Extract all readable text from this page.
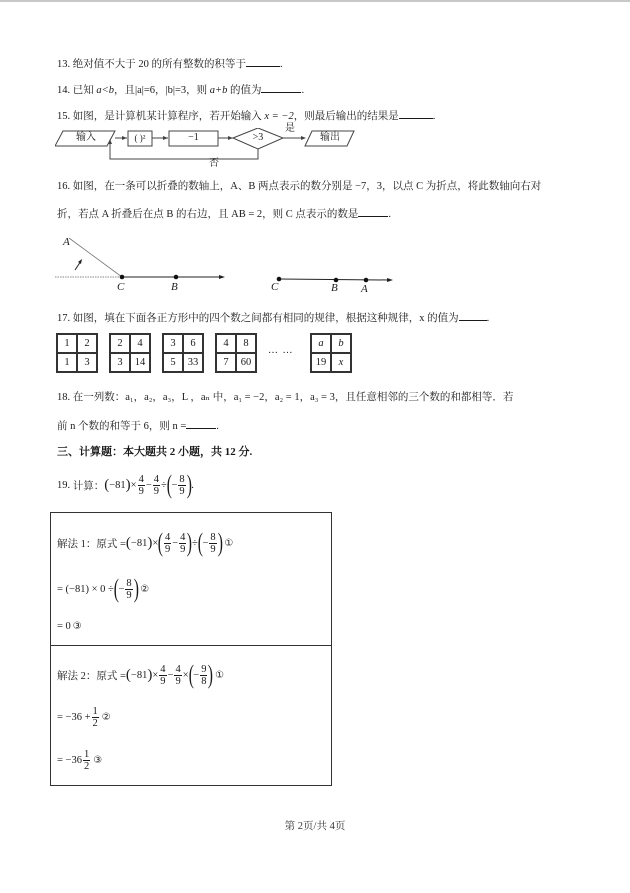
13. 绝对值不大于 20 的所有整数的积等于	.
14. 已知 a<b，且|a|=6，|b|=3，则 a+b 的值为	.
15. 如图，是计算机某计算程序，若开始输入 x = −2，则最后输出的结果是	.
输入	( )²	−1	>3
是
输出
否
16. 如图，在一条可以折叠的数轴上，A、B 两点表示的数分别是 −7，3，以点 C 为折点，将此数轴向右对
折，若点 A 折叠后在点 B 的右边，且 AB = 2，则 C 点表示的数是	.
A
C	B	C	B A
17. 如图，填在下面各正方形中的四个数之间都有相同的规律，根据这种规律，x 的值为	.
1	2
1	3
2	4
3	14
3	6
5	33
4	8
7	60
… …
a	b
19	x
18. 在一列数：a₁，a₂，a₃，L ，aₙ 中，a₁ = −2，a₂ = 1，a₃ = 3，且任意相邻的三个数的和都相等．若
前 n 个数的和等于 6，则 n =	.
三、计算题：本大题共 2 小题，共 12 分.
19.
计算： ( −81 ) × $\frac{4}{9} - \frac{4}{9}$ ÷ ( − $\frac{8}{9}$ ) .
解法 1：原式 = ( −81 ) × ( $\frac{4}{9} - \frac{4}{9}$ ) ÷ ( − $\frac{8}{9}$ ) ①
= (−81) × 0 ÷ ( − $\frac{8}{9}$ ) ②
= 0 ③
解法 2：原式 = ( −81 ) × $\frac{4}{9} - \frac{4}{9}$ × ( − $\frac{9}{8}$ ) ①
= $-36 + \frac{1}{2}$ ②
= $-36 \frac{1}{2}$ ③
第 2页/共 4页
